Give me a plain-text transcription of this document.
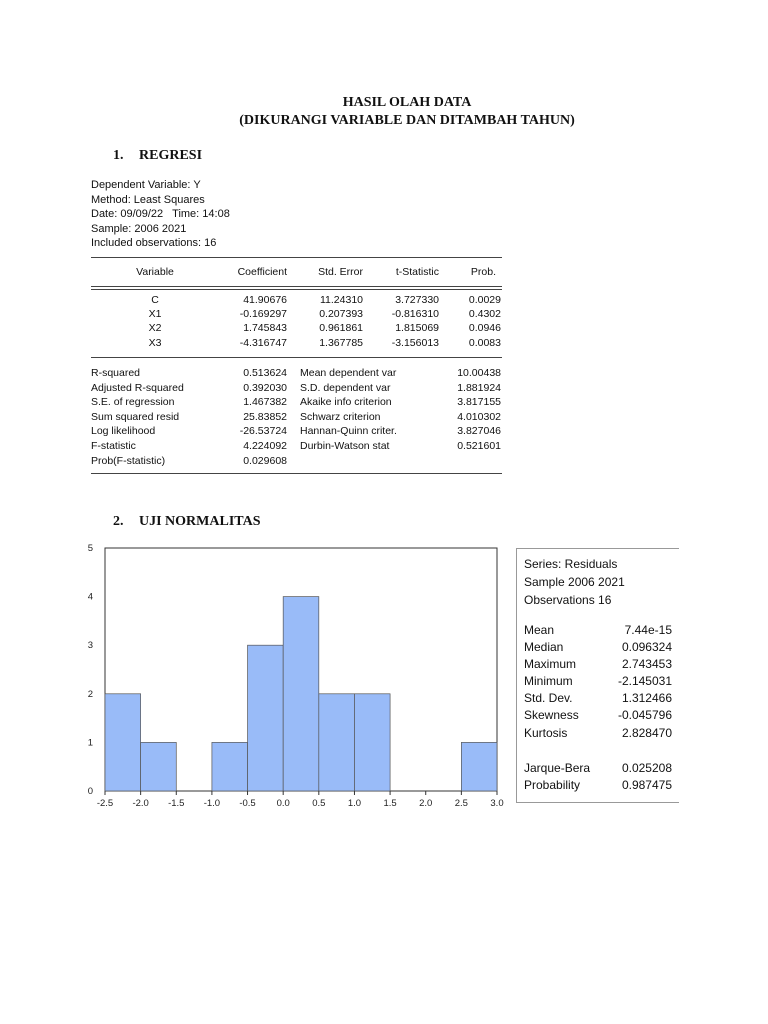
HASIL OLAH DATA
(DIKURANGI VARIABLE DAN DITAMBAH TAHUN)
1. REGRESI
Dependent Variable: Y
Method: Least Squares
Date: 09/09/22   Time: 14:08
Sample: 2006 2021
Included observations: 16
Variable	Coefficient	Std. Error	t-Statistic	Prob.
C	41.90676	11.24310	3.727330	0.0029
X1	-0.169297	0.207393	-0.816310	0.4302
X2	1.745843	0.961861	1.815069	0.0946
X3	-4.316747	1.367785	-3.156013	0.0083
R-squared	0.513624 Mean dependent var	10.00438
Adjusted R-squared	0.392030 S.D. dependent var	1.881924
S.E. of regression	1.467382 Akaike info criterion	3.817155
Sum squared resid	25.83852 Schwarz criterion	4.010302
Log likelihood	-26.53724 Hannan-Quinn criter.	3.827046
F-statistic	4.224092 Durbin-Watson stat	0.521601
Prob(F-statistic)	0.029608
2. UJI NORMALITAS
-2.5 -2.0 -1.5 -1.0 -0.5 0.0 0.5 1.0 1.5 2.0 2.5 3.0
0
1
2
3
4
5
Series: Residuals
Sample 2006 2021
Observations 16
Mean	7.44e-15
Median	0.096324
Maximum	2.743453
Minimum	-2.145031
Std. Dev.	1.312466
Skewness	-0.045796
Kurtosis	2.828470
Jarque-Bera	0.025208
Probability	0.987475
